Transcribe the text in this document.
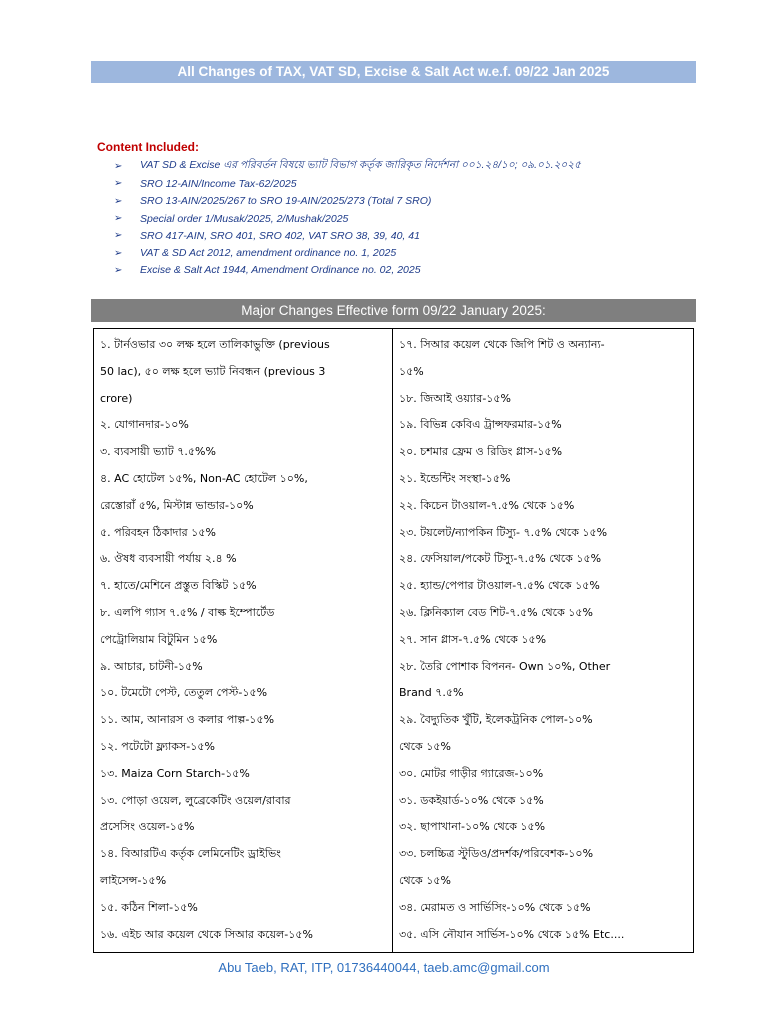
All Changes of TAX, VAT SD, Excise & Salt Act w.e.f. 09/22 Jan 2025
Content Included:
➢	VAT SD & Excise এর পরিবর্তন বিষয়ে ভ্যাট বিভাগ কর্তৃক জারিকৃত নির্দেশনা ০০১.২৪/১০; ০৯.০১.২০২৫
➢	SRO 12-AIN/Income Tax-62/2025
➢	SRO 13-AIN/2025/267 to SRO 19-AIN/2025/273 (Total 7 SRO)
➢	Special order 1/Musak/2025, 2/Mushak/2025
➢	SRO 417-AIN, SRO 401, SRO 402, VAT SRO 38, 39, 40, 41
➢	VAT & SD Act 2012, amendment ordinance no. 1, 2025
➢	Excise & Salt Act 1944, Amendment Ordinance no. 02, 2025
Major Changes Effective form 09/22 January 2025:
১. টার্নওভার ৩০ লক্ষ হলে তালিকাভুক্তি (previous
50 lac), ৫০ লক্ষ হলে ভ্যাট নিবন্ধন (previous 3
crore)
২. যোগানদার-১০%
৩. ব্যবসায়ী ভ্যাট ৭.৫%%
৪. AC হোটেল ১৫%, Non-AC হোটেল ১০%,
রেস্তোরাঁ ৫%, মিস্টান্ন ভান্ডার-১০%
৫. পরিবহন ঠিকাদার ১৫%
৬. ঔষধ ব্যবসায়ী পর্যায় ২.৪ %
৭. হাতে/মেশিনে প্রস্তুত বিস্কিট ১৫%
৮. এলপি গ্যাস ৭.৫% / বাল্ক ইম্পোর্টেড
পেট্রোলিয়াম বিটুমিন ১৫%
৯. আচার, চাটনী-১৫%
১০. টমেটো পেস্ট, তেতুল পেস্ট-১৫%
১১. আম, আনারস ও কলার পাল্প-১৫%
১২. পটেটো ফ্ল্যাকস-১৫%
১৩. Maiza Corn Starch-১৫%
১৩. পোড়া ওয়েল, লুব্রেকেটিং ওয়েল/রাবার
প্রসেসিং ওয়েল-১৫%
১৪. বিআরটিএ কর্তৃক লেমিনেটিং ড্রাইভিং
লাইসেন্স-১৫%
১৫. কঠিন শিলা-১৫%
১৬. এইচ আর কয়েল থেকে সিআর কয়েল-১৫%
১৭. সিআর কয়েল থেকে জিপি শিট ও অন্যান্য-
১৫%
১৮. জিআই ওয়্যার-১৫%
১৯. বিভিন্ন কেবিএ ট্রান্সফরমার-১৫%
২০. চশমার ফ্রেম ও রিডিং গ্লাস-১৫%
২১. ইন্ডেন্টিং সংস্থা-১৫%
২২. কিচেন টাওয়াল-৭.৫% থেকে ১৫%
২৩. টয়লেট/ন্যাপকিন টিস্যু- ৭.৫% থেকে ১৫%
২৪. ফেসিয়াল/পকেট টিস্যু-৭.৫% থেকে ১৫%
২৫. হ্যান্ড/পেপার টাওয়াল-৭.৫% থেকে ১৫%
২৬. ক্লিনিক্যাল বেড শিট-৭.৫% থেকে ১৫%
২৭. সান গ্লাস-৭.৫% থেকে ১৫%
২৮. তৈরি পোশাক বিপনন- Own ১০%, Other
Brand ৭.৫%
২৯. বৈদ্যুতিক খুঁটি, ইলেকট্রনিক পোল-১০%
থেকে ১৫%
৩০. মোটর গাড়ীর গ্যারেজ-১০%
৩১. ডকইয়ার্ড-১০% থেকে ১৫%
৩২. ছাপাখানা-১০% থেকে ১৫%
৩৩. চলচ্চিত্র স্টুডিও/প্রদর্শক/পরিবেশক-১০%
থেকে ১৫%
৩৪. মেরামত ও সার্ভিসিং-১০% থেকে ১৫%
৩৫. এসি নৌযান সার্ভিস-১০% থেকে ১৫% Etc....
Abu Taeb, RAT, ITP, 01736440044, taeb.amc@gmail.com
